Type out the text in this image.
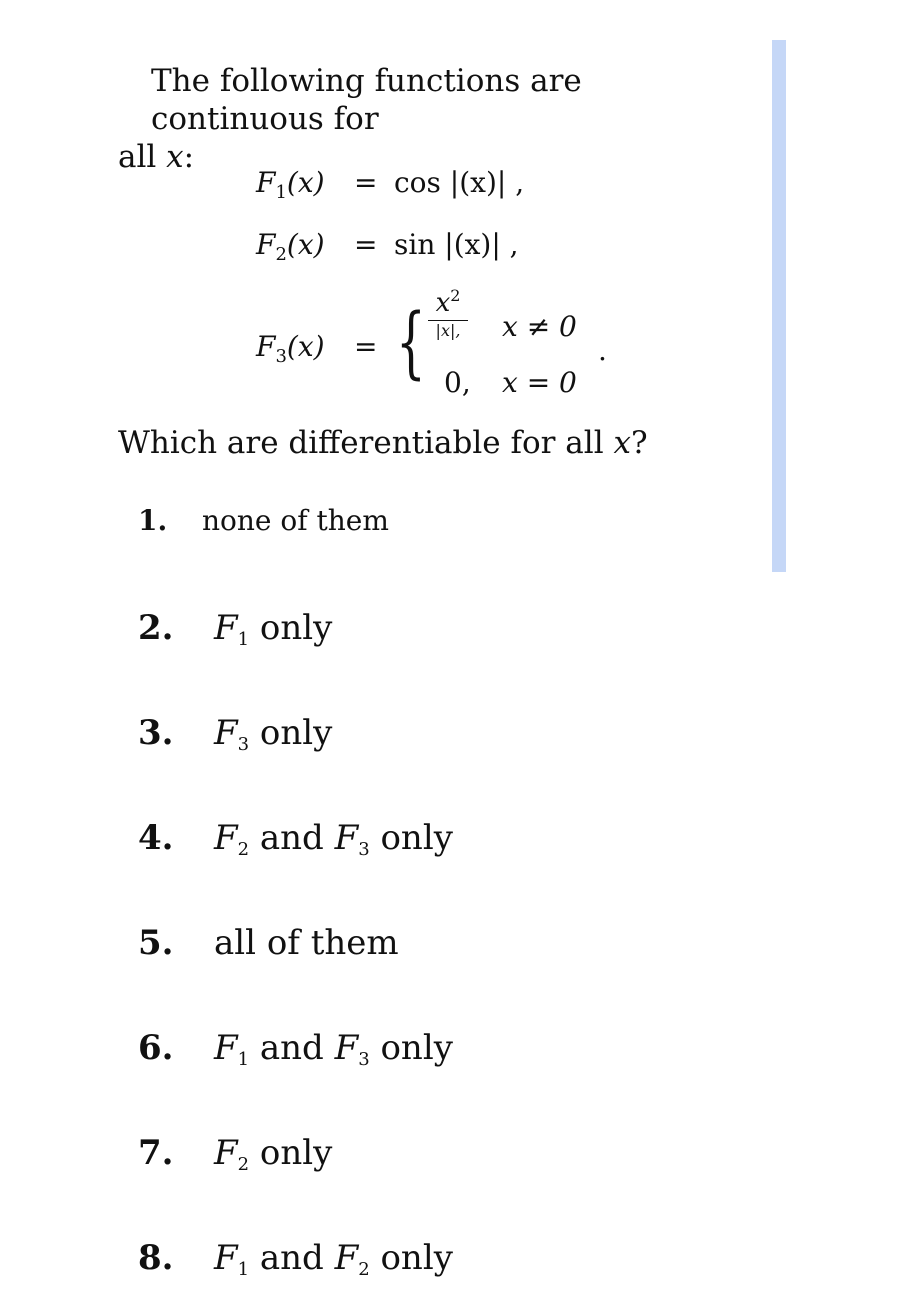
The following functions are continuous for
all x:
$F_1(x) = \cos |(x)|$ ,
$F_2(x) = \sin |(x)|$ ,
$F_3(x)$ = { $x^2$
|x|, x ≠ 0
0, x = 0
.
Which are differentiable for all x?
1. none of them
2. F1 only
3. F3 only
4. F2 and F3 only
5. all of them
6. F1 and F3 only
7. F2 only
8. F1 and F2 only
